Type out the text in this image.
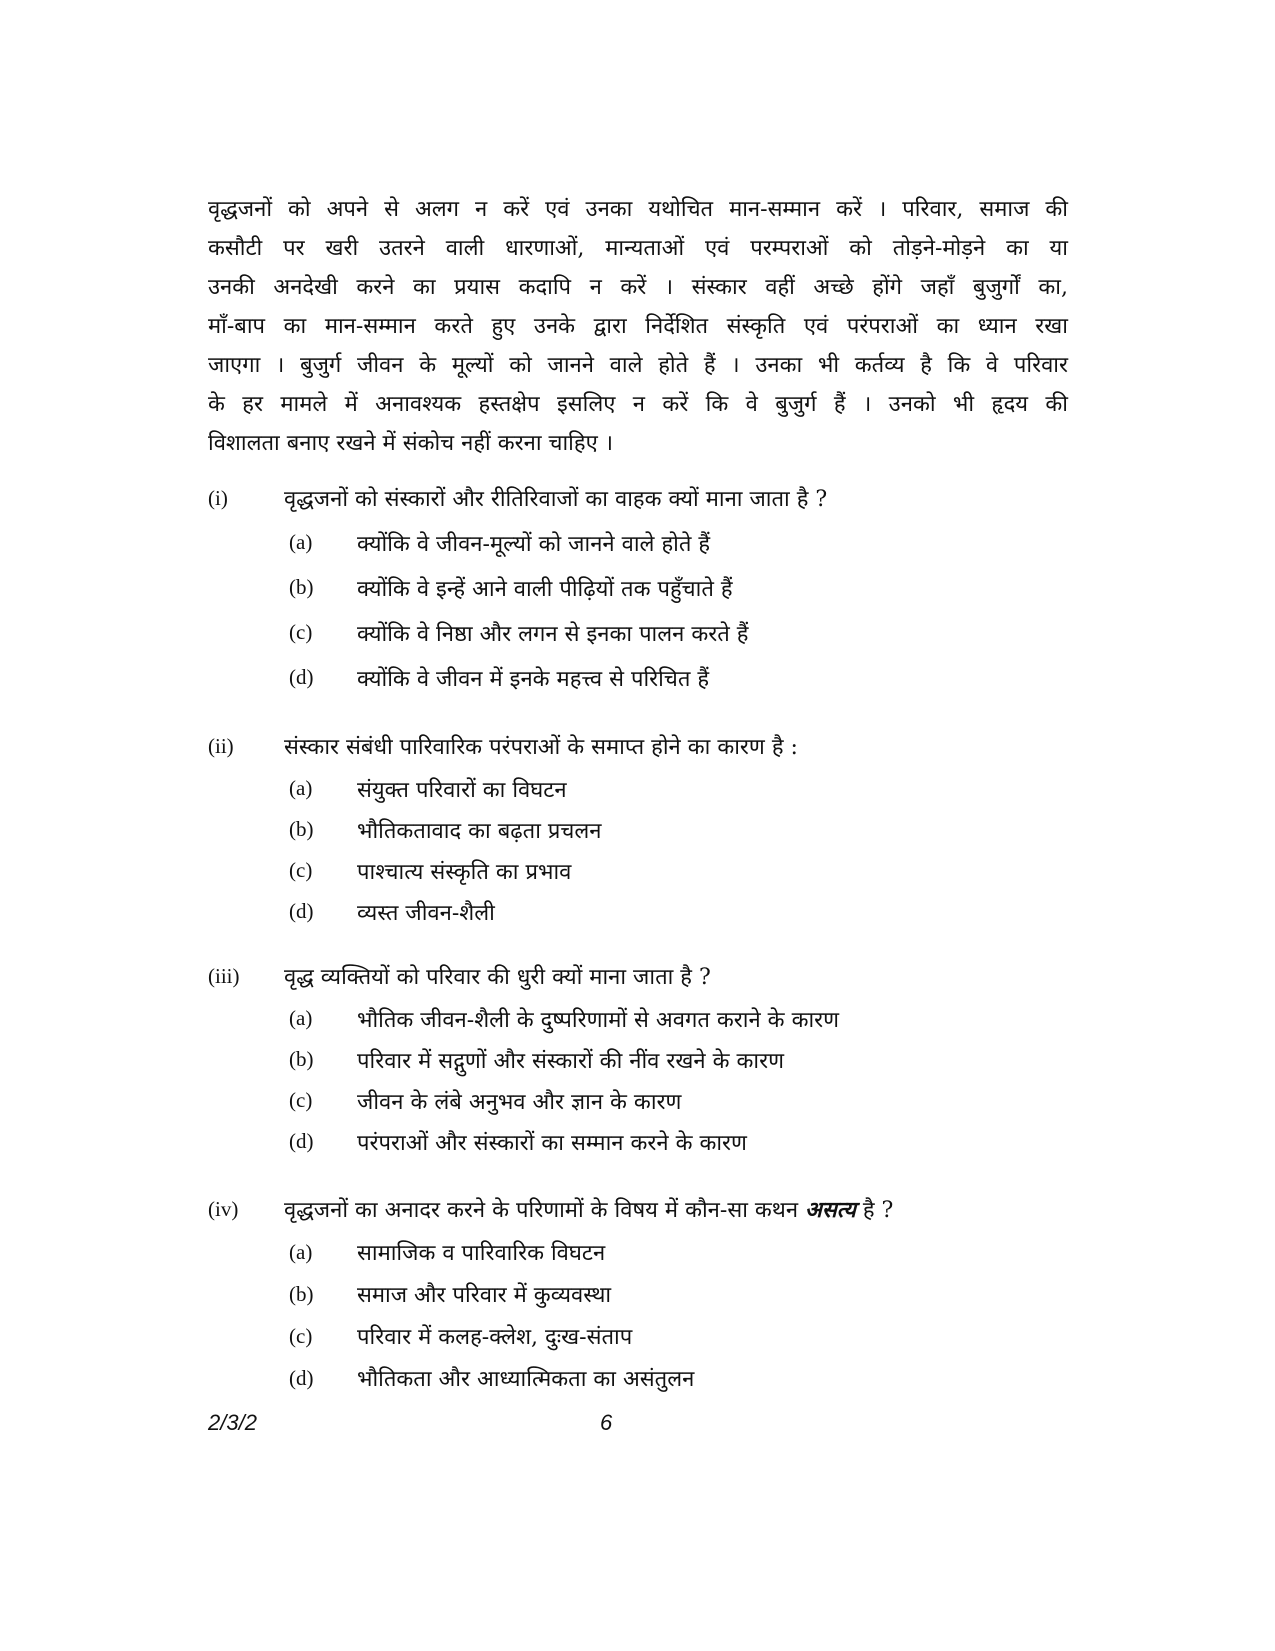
वृद्धजनों को अपने से अलग न करें एवं उनका यथोचित मान-सम्मान करें । परिवार, समाज की
कसौटी पर खरी उतरने वाली धारणाओं, मान्यताओं एवं परम्पराओं को तोड़ने-मोड़ने का या
उनकी अनदेखी करने का प्रयास कदापि न करें । संस्कार वहीं अच्छे होंगे जहाँ बुजुर्गों का,
माँ-बाप का मान-सम्मान करते हुए उनके द्वारा निर्देशित संस्कृति एवं परंपराओं का ध्यान रखा
जाएगा । बुजुर्ग जीवन के मूल्यों को जानने वाले होते हैं । उनका भी कर्तव्य है कि वे परिवार
के हर मामले में अनावश्यक हस्तक्षेप इसलिए न करें कि वे बुजुर्ग हैं । उनको भी हृदय की
विशालता बनाए रखने में संकोच नहीं करना चाहिए ।
(i)	वृद्धजनों को संस्कारों और रीतिरिवाजों का वाहक क्यों माना जाता है ?
(a)	क्योंकि वे जीवन-मूल्यों को जानने वाले होते हैं
(b)	क्योंकि वे इन्हें आने वाली पीढ़ियों तक पहुँचाते हैं
(c)	क्योंकि वे निष्ठा और लगन से इनका पालन करते हैं
(d)	क्योंकि वे जीवन में इनके महत्त्व से परिचित हैं
(ii)	संस्कार संबंधी पारिवारिक परंपराओं के समाप्त होने का कारण है :
(a)	संयुक्त परिवारों का विघटन
(b)	भौतिकतावाद का बढ़ता प्रचलन
(c)	पाश्चात्य संस्कृति का प्रभाव
(d)	व्यस्त जीवन-शैली
(iii)	वृद्ध व्यक्तियों को परिवार की धुरी क्यों माना जाता है ?
(a)	भौतिक जीवन-शैली के दुष्परिणामों से अवगत कराने के कारण
(b)	परिवार में सद्गुणों और संस्कारों की नींव रखने के कारण
(c)	जीवन के लंबे अनुभव और ज्ञान के कारण
(d)	परंपराओं और संस्कारों का सम्मान करने के कारण
(iv)	वृद्धजनों का अनादर करने के परिणामों के विषय में कौन-सा कथन असत्य है ?
(a)	सामाजिक व पारिवारिक विघटन
(b)	समाज और परिवार में कुव्यवस्था
(c)	परिवार में कलह-क्लेश, दुःख-संताप
(d)	भौतिकता और आध्यात्मिकता का असंतुलन
2/3/2	6
